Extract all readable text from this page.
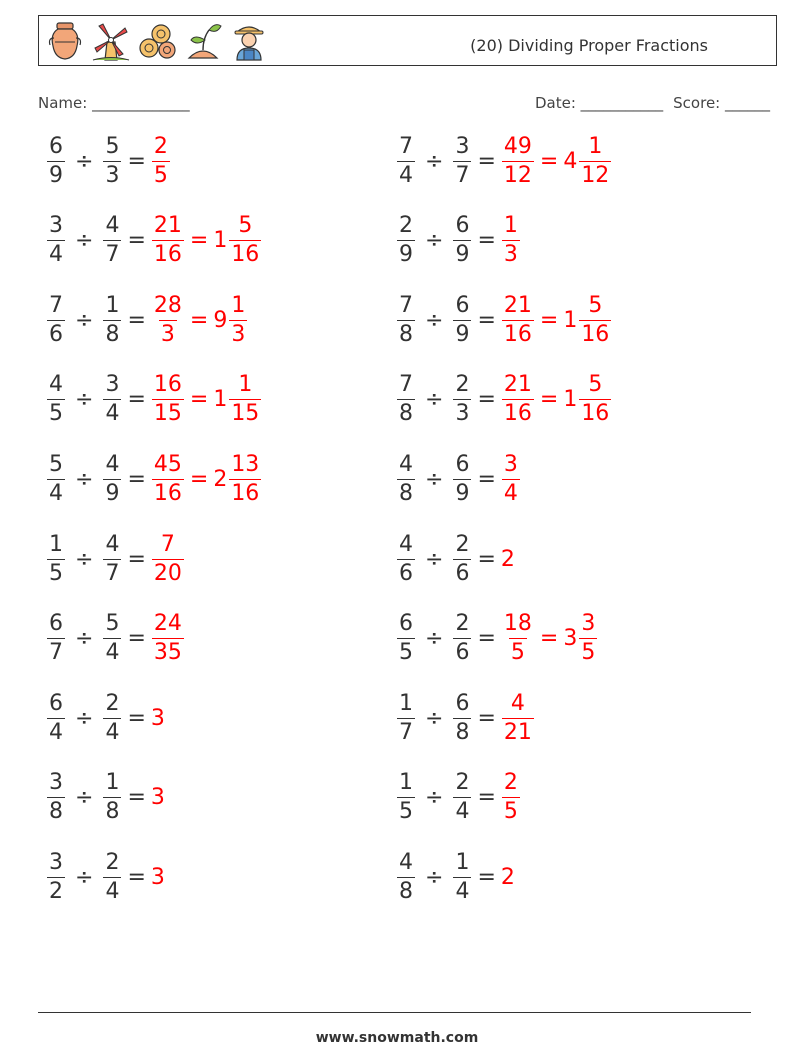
(20) Dividing Proper Fractions
Name: _____________	Date: ___________ Score: ______
$\frac{6}{9} \div \frac{5}{3} = \frac{2}{5}$	$\frac{7}{4} \div \frac{3}{7} = \frac{49}{12} = 4 \frac{1}{12}$
$\frac{3}{4} \div \frac{4}{7} = \frac{21}{16} = 1 \frac{5}{16}$	$\frac{2}{9} \div \frac{6}{9} = \frac{1}{3}$
$\frac{7}{6} \div \frac{1}{8} = \frac{28}{3} = 9 \frac{1}{3}$	$\frac{7}{8} \div \frac{6}{9} = \frac{21}{16} = 1 \frac{5}{16}$
$\frac{4}{5} \div \frac{3}{4} = \frac{16}{15} = 1 \frac{1}{15}$	$\frac{7}{8} \div \frac{2}{3} = \frac{21}{16} = 1 \frac{5}{16}$
$\frac{5}{4} \div \frac{4}{9} = \frac{45}{16} = 2 \frac{13}{16}$	$\frac{4}{8} \div \frac{6}{9} = \frac{3}{4}$
$\frac{1}{5} \div \frac{4}{7} = \frac{7}{20}$	$\frac{4}{6} \div \frac{2}{6} = 2$
$\frac{6}{7} \div \frac{5}{4} = \frac{24}{35}$	$\frac{6}{5} \div \frac{2}{6} = \frac{18}{5} = 3 \frac{3}{5}$
$\frac{6}{4} \div \frac{2}{4} = 3$	$\frac{1}{7} \div \frac{6}{8} = \frac{4}{21}$
$\frac{3}{8} \div \frac{1}{8} = 3$	$\frac{1}{5} \div \frac{2}{4} = \frac{2}{5}$
$\frac{3}{2} \div \frac{2}{4} = 3$	$\frac{4}{8} \div \frac{1}{4} = 2$
www.snowmath.com
